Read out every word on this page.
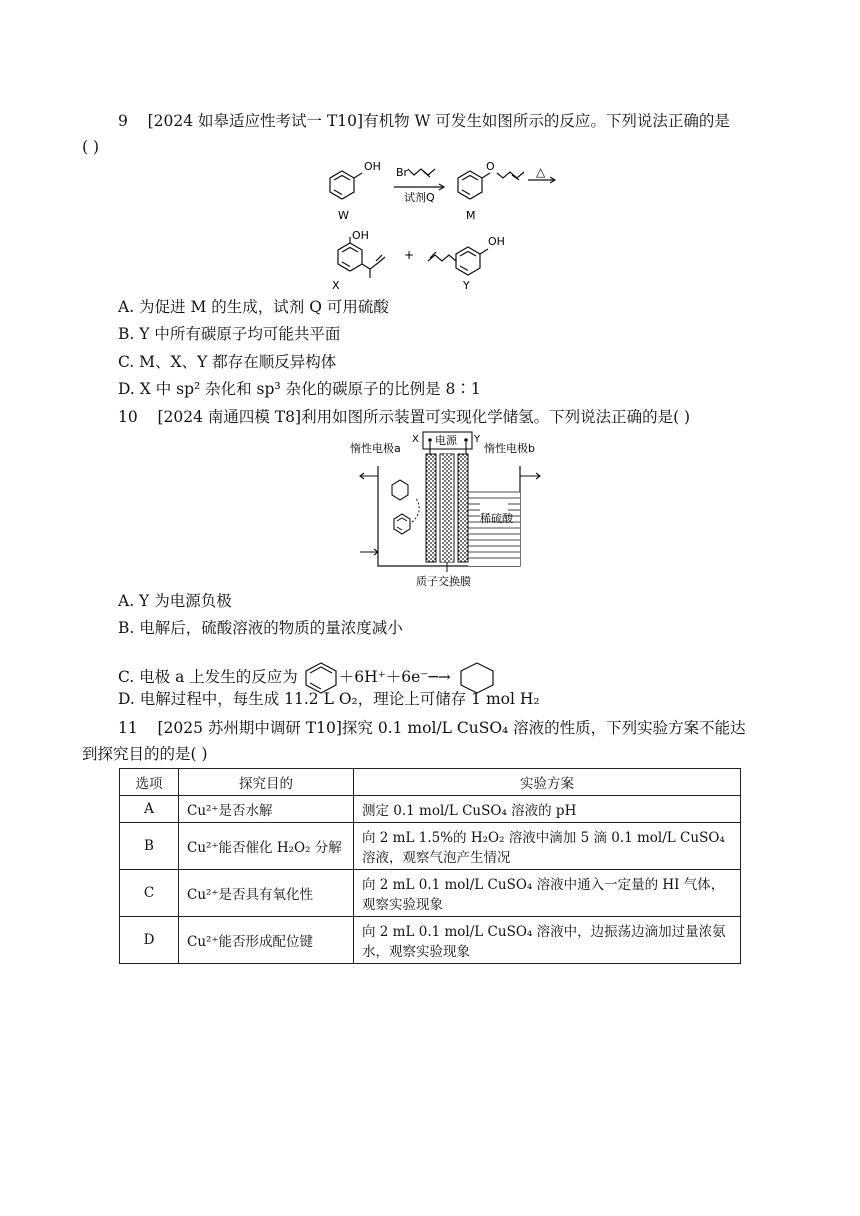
9 [2024 如皋适应性考试一 T10]有机物 W 可发生如图所示的反应。下列说法正确的是
( )
OH
W
Br
试剂Q
O
M
△
OH
X
+
OH
Y
A. 为促进 M 的生成，试剂 Q 可用硫酸
B. Y 中所有碳原子均可能共平面
C. M、X、Y 都存在顺反异构体
D. X 中 sp² 杂化和 sp³ 杂化的碳原子的比例是 8∶1
10 [2024 南通四模 T8]利用如图所示装置可实现化学储氢。下列说法正确的是( )
惰性电极a
X 电源 Y
惰性电极b
稀硫酸
质子交换膜
A. Y 为电源负极
B. 电解后，硫酸溶液的物质的量浓度减小
C. 电极 a 上发生的反应为	＋6H⁺＋6e⁻─→
D. 电解过程中，每生成 11.2 L O₂，理论上可储存 1 mol H₂
11 [2025 苏州期中调研 T10]探究 0.1 mol/L CuSO₄ 溶液的性质，下列实验方案不能达
到探究目的的是( )
选项	探究目的	实验方案
A	Cu²⁺是否水解	测定 0.1 mol/L CuSO₄ 溶液的 pH
B	Cu²⁺能否催化 H₂O₂ 分解	向 2 mL 1.5%的 H₂O₂ 溶液中滴加 5 滴 0.1 mol/L CuSO₄ 溶液，观察气泡产生情况
C	Cu²⁺是否具有氧化性	向 2 mL 0.1 mol/L CuSO₄ 溶液中通入一定量的 HI 气体，观察实验现象
D	Cu²⁺能否形成配位键	向 2 mL 0.1 mol/L CuSO₄ 溶液中，边振荡边滴加过量浓氨水，观察实验现象
